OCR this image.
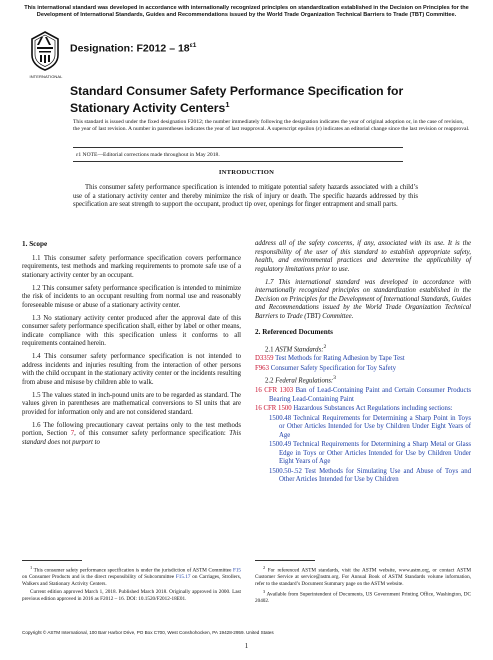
This international standard was developed in accordance with internationally recognized principles on standardization established in the Decision on Principles for the Development of International Standards, Guides and Recommendations issued by the World Trade Organization Technical Barriers to Trade (TBT) Committee.
INTERNATIONAL
Designation: $F2012 - 18^{\varepsilon 1}$
Standard Consumer Safety Performance Specification for Stationary Activity Centers$^1$
This standard is issued under the fixed designation F2012; the number immediately following the designation indicates the year of original adoption or, in the case of revision, the year of last revision. A number in parentheses indicates the year of last reapproval. A superscript epsilon (ε) indicates an editorial change since the last revision or reapproval.
ε1 NOTE—Editorial corrections made throughout in May 2018.
INTRODUCTION
This consumer safety performance specification is intended to mitigate potential safety hazards associated with a child’s use of a stationary activity center and thereby minimize the risk of injury or death. The specific hazards addressed by this specification are seat strength to support the occupant, product tip over, openings for finger entrapment and small parts.
1. Scope

1.1 This consumer safety performance specification covers performance requirements, test methods and marking requirements to promote safe use of a stationary activity center by an occupant.

1.2 This consumer safety performance specification is intended to minimize the risk of incidents to an occupant resulting from normal use and reasonably foreseeable misuse or abuse of a stationary activity center.

1.3 No stationary activity center produced after the approval date of this consumer safety performance specification shall, either by label or other means, indicate compliance with this specification unless it conforms to all requirements contained herein.

1.4 This consumer safety performance specification is not intended to address incidents and injuries resulting from the interaction of other persons with the child occupant in the stationary activity center or the incidents resulting from abuse and misuse by children able to walk.

1.5 The values stated in inch-pound units are to be regarded as standard. The values given in parentheses are mathematical conversions to SI units that are provided for information only and are not considered standard.

1.6 The following precautionary caveat pertains only to the test methods portion, Section 7, of this consumer safety performance specification: This standard does not purport to

$^1$ This consumer safety performance specification is under the jurisdiction of ASTM Committee F15 on Consumer Products and is the direct responsibility of Subcommittee F15.17 on Carriages, Strollers, Walkers and Stationary Activity Centers.

Current edition approved March 1, 2018. Published March 2018. Originally approved in 2000. Last previous edition approved in 2016 as F2012 – 16. DOI: 10.1520/F2012-18E01.

address all of the safety concerns, if any, associated with its use. It is the responsibility of the user of this standard to establish appropriate safety, health, and environmental practices and determine the applicability of regulatory limitations prior to use.

1.7 This international standard was developed in accordance with internationally recognized principles on standardization established in the Decision on Principles for the Development of International Standards, Guides and Recommendations issued by the World Trade Organization Technical Barriers to Trade (TBT) Committee.

2. Referenced Documents
2.1 ASTM Standards:$^2$
D3359 Test Methods for Rating Adhesion by Tape Test
F963 Consumer Safety Specification for Toy Safety
2.2 Federal Regulations:$^3$
16 CFR 1303 Ban of Lead-Containing Paint and Certain Consumer Products Bearing Lead-Containing Paint
16 CFR 1500 Hazardous Substances Act Regulations including sections:
1500.48 Technical Requirements for Determining a Sharp Point in Toys or Other Articles Intended for Use by Children Under Eight Years of Age
1500.49 Technical Requirements for Determining a Sharp Metal or Glass Edge in Toys or Other Articles Intended for Use by Children Under Eight Years of Age
1500.50-.52 Test Methods for Simulating Use and Abuse of Toys and Other Articles Intended for Use by Children

$^2$ For referenced ASTM standards, visit the ASTM website, www.astm.org, or contact ASTM Customer Service at service@astm.org. For Annual Book of ASTM Standards volume information, refer to the standard’s Document Summary page on the ASTM website.

$^3$ Available from Superintendent of Documents, US Government Printing Office, Washington, DC 20402.

Copyright © ASTM International, 100 Barr Harbor Drive, PO Box C700, West Conshohocken, PA 19428-2959. United States
1
